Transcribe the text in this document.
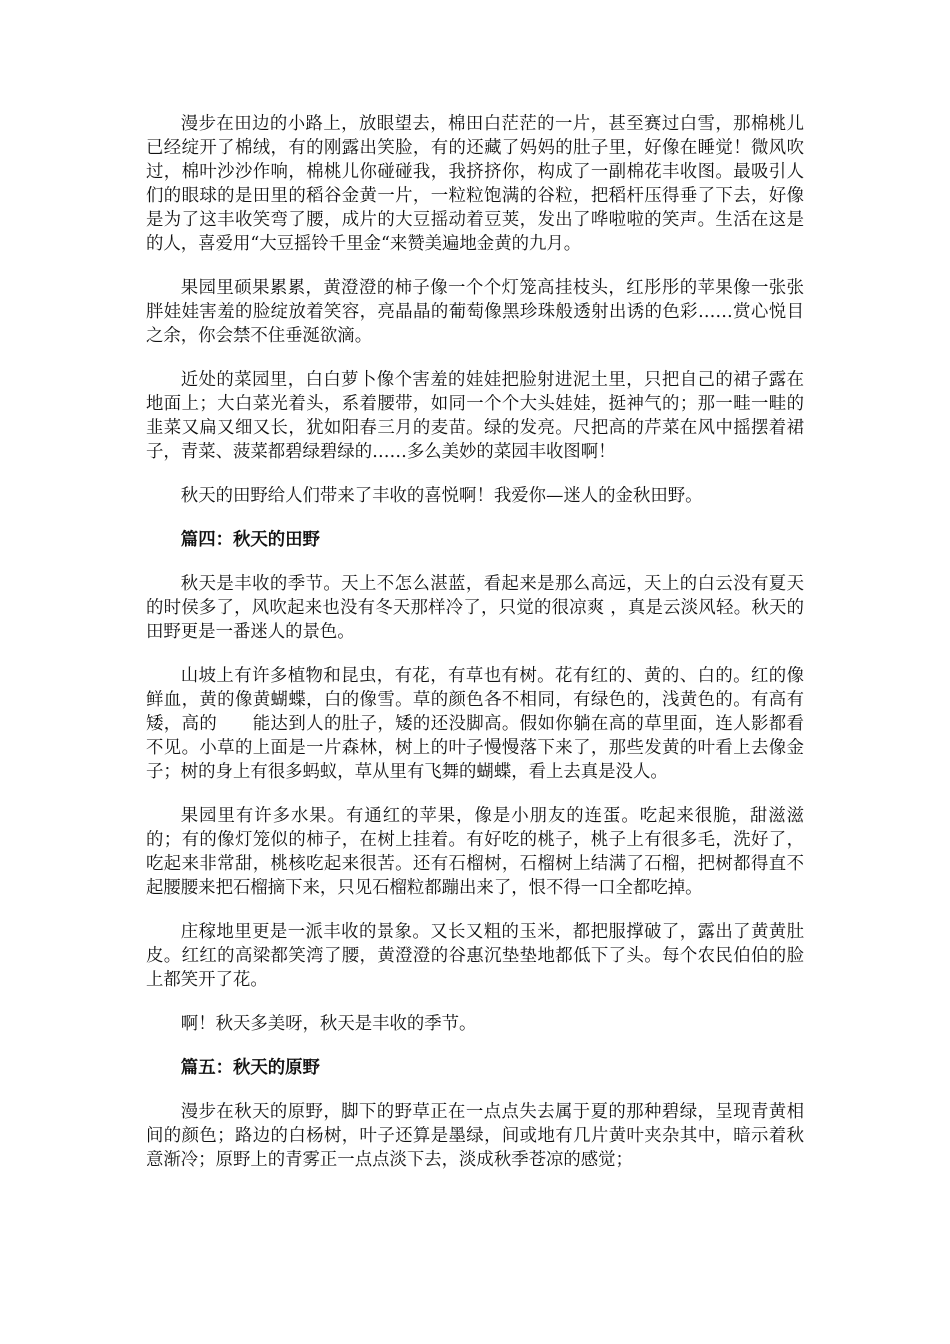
漫步在田边的小路上，放眼望去，棉田白茫茫的一片，甚至赛过白雪，那棉桃儿已经绽开了棉绒，有的刚露出笑脸，有的还藏了妈妈的肚子里，好像在睡觉！微风吹过，棉叶沙沙作响，棉桃儿你碰碰我，我挤挤你，构成了一副棉花丰收图。最吸引人们的眼球的是田里的稻谷金黄一片，一粒粒饱满的谷粒，把稻杆压得垂了下去，好像是为了这丰收笑弯了腰，成片的大豆摇动着豆荚，发出了哗啦啦的笑声。生活在这是的人，喜爱用“大豆摇铃千里金“来赞美遍地金黄的九月。

果园里硕果累累，黄澄澄的柿子像一个个灯笼高挂枝头，红彤彤的苹果像一张张胖娃娃害羞的脸绽放着笑容，亮晶晶的葡萄像黑珍珠般透射出诱的色彩……赏心悦目之余，你会禁不住垂涎欲滴。

近处的菜园里，白白萝卜像个害羞的娃娃把脸射进泥土里，只把自己的裙子露在地面上；大白菜光着头，系着腰带，如同一个个大头娃娃，挺神气的；那一畦一畦的韭菜又扁又细又长，犹如阳春三月的麦苗。绿的发亮。尺把高的芹菜在风中摇摆着裙子，青菜、菠菜都碧绿碧绿的……多么美妙的菜园丰收图啊！

秋天的田野给人们带来了丰收的喜悦啊！我爱你—迷人的金秋田野。

篇四：秋天的田野

秋天是丰收的季节。天上不怎么湛蓝，看起来是那么高远，天上的白云没有夏天的时侯多了，风吹起来也没有冬天那样冷了，只觉的很凉爽 ，真是云淡风轻。秋天的田野更是一番迷人的景色。

山坡上有许多植物和昆虫，有花，有草也有树。花有红的、黄的、白的。红的像鲜血，黄的像黄蝴蝶，白的像雪。草的颜色各不相同，有绿色的，浅黄色的。有高有矮，高的　　能达到人的肚子，矮的还没脚高。假如你躺在高的草里面，连人影都看不见。小草的上面是一片森林，树上的叶子慢慢落下来了，那些发黄的叶看上去像金子；树的身上有很多蚂蚁，草从里有飞舞的蝴蝶，看上去真是没人。

果园里有许多水果。有通红的苹果，像是小朋友的连蛋。吃起来很脆，甜滋滋的；有的像灯笼似的柿子，在树上挂着。有好吃的桃子，桃子上有很多毛，洗好了，吃起来非常甜，桃核吃起来很苦。还有石榴树，石榴树上结满了石榴，把树都得直不起腰腰来把石榴摘下来，只见石榴粒都蹦出来了，恨不得一口全都吃掉。

庄稼地里更是一派丰收的景象。又长又粗的玉米，都把服撑破了，露出了黄黄肚皮。红红的高梁都笑湾了腰，黄澄澄的谷惠沉垫垫地都低下了头。每个农民伯伯的脸上都笑开了花。

啊！秋天多美呀，秋天是丰收的季节。

篇五：秋天的原野

漫步在秋天的原野，脚下的野草正在一点点失去属于夏的那种碧绿，呈现青黄相间的颜色；路边的白杨树，叶子还算是墨绿，间或地有几片黄叶夹杂其中，暗示着秋意渐冷；原野上的青雾正一点点淡下去，淡成秋季苍凉的感觉；
